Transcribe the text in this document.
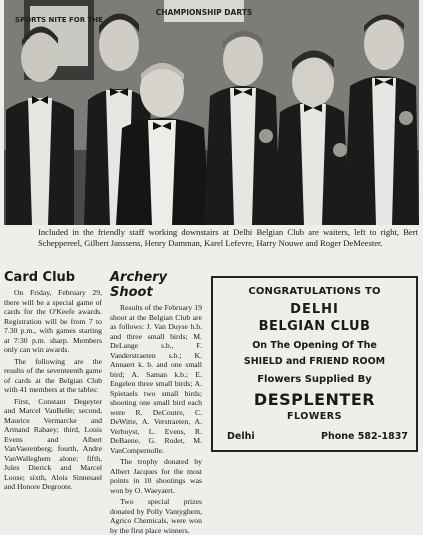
SPORTS NITE FOR THE
CHAMPIONSHIP DARTS
Included in the friendly staff working downstairs at Delhi Belgian Club are waiters, left to right, Bert Scheppereel, Gilbert Janssens, Henry Damman, Karel Lefevre, Harry Nouwe and Roger DeMeester.
Card Club

On Friday, February 29, there will be a special game of cards for the O'Keefe awards. Registration will be from 7 to 7.30 p.m., with games starting at 7:30 p.m. sharp. Members only can win awards.

The following are the results of the seventeenth game of cards at the Belgian Club with 41 members at the tables:

First, Constant Degeyter and Marcel VanBelle; second, Maurice Vermarcke and Armand Rabaey; third, Louis Evens and Albert VanVaerenberg; fourth, Andre VanWalleghem alone; fifth, Jules Dierick and Marcel Loose; sixth, Alois Sinnesael and Honore Degroote.

Archery Shoot

Results of the February 19 shoot at the Belgian Club are as follows: J. Van Duyse h.b. and three small birds; M. DeLange s.b., F. Vanderstraeten s.b.; K. Annaert k. b. and one small bird; A. Saman k.b.; E. Engelen three small birds; A. Spietaels two small birds; shooting one small bird each were R. DeCoutre, C. DeWitte, A. Verstraeten, A. Verbuyst, L. Evens, R. DeBaene, G. Rodet, M. VanCompernolle.

The trophy donated by Albert Jacques for the most points in 10 shootings was won by O. Waeyaert.

Two special prizes donated by Polly Vantyghem, Agrico Chemicals, were won by the first place winners.

CONGRATULATIONS TO
DELHI
BELGIAN CLUB
On The Opening Of The
SHIELD and FRIEND ROOM
Flowers Supplied By
DESPLENTER
FLOWERS
Delhi	Phone 582-1837
